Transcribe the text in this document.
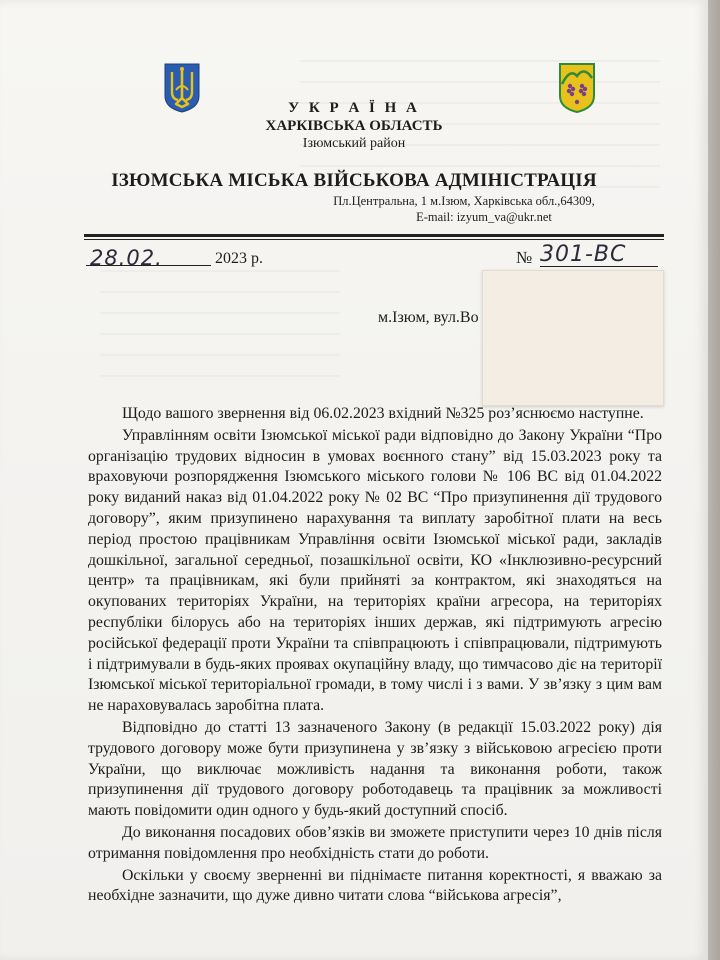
У К Р А Ї Н А
ХАРКІВСЬКА ОБЛАСТЬ
Ізюмський район
ІЗЮМСЬКА МІСЬКА ВІЙСЬКОВА АДМІНІСТРАЦІЯ
Пл.Центральна, 1 м.Ізюм, Харківська обл.,64309,
E-mail: izyum_va@ukr.net
28.02.	2023 р.	№ 301-ВС
м.Ізюм, вул.Во

Щодо вашого звернення від 06.02.2023 вхідний №325 роз’яснюємо наступне.

Управлінням освіти Ізюмської міської ради відповідно до Закону України “Про організацію трудових відносин в умовах воєнного стану” від 15.03.2023 року та враховуючи розпорядження Ізюмського міського голови № 106 ВС від 01.04.2022 року виданий наказ від 01.04.2022 року № 02 ВС “Про призупинення дії трудового договору”, яким призупинено нарахування та виплату заробітної плати на весь період простою працівникам Управління освіти Ізюмської міської ради, закладів дошкільної, загальної середньої, позашкільної освіти, КО «Інклюзивно-ресурсний центр» та працівникам, які були прийняті за контрактом, які знаходяться на окупованих територіях України, на територіях країни агресора, на територіях республіки білорусь або на територіях інших держав, які підтримують агресію російської федерації проти України та співпрацюють і співпрацювали, підтримують і підтримували в будь-яких проявах окупаційну владу, що тимчасово діє на території Ізюмської міської територіальної громади, в тому числі і з вами. У зв’язку з цим вам не нараховувалась заробітна плата.

Відповідно до статті 13 зазначеного Закону (в редакції 15.03.2022 року) дія трудового договору може бути призупинена у зв’язку з військовою агресією проти України, що виключає можливість надання та виконання роботи, також призупинення дії трудового договору роботодавець та працівник за можливості мають повідомити один одного у будь-який доступний спосіб.

До виконання посадових обов’язків ви зможете приступити через 10 днів після отримання повідомлення про необхідність стати до роботи.

Оскільки у своєму зверненні ви піднімаєте питання коректності, я вважаю за необхідне зазначити, що дуже дивно читати слова “військова агресія”,
